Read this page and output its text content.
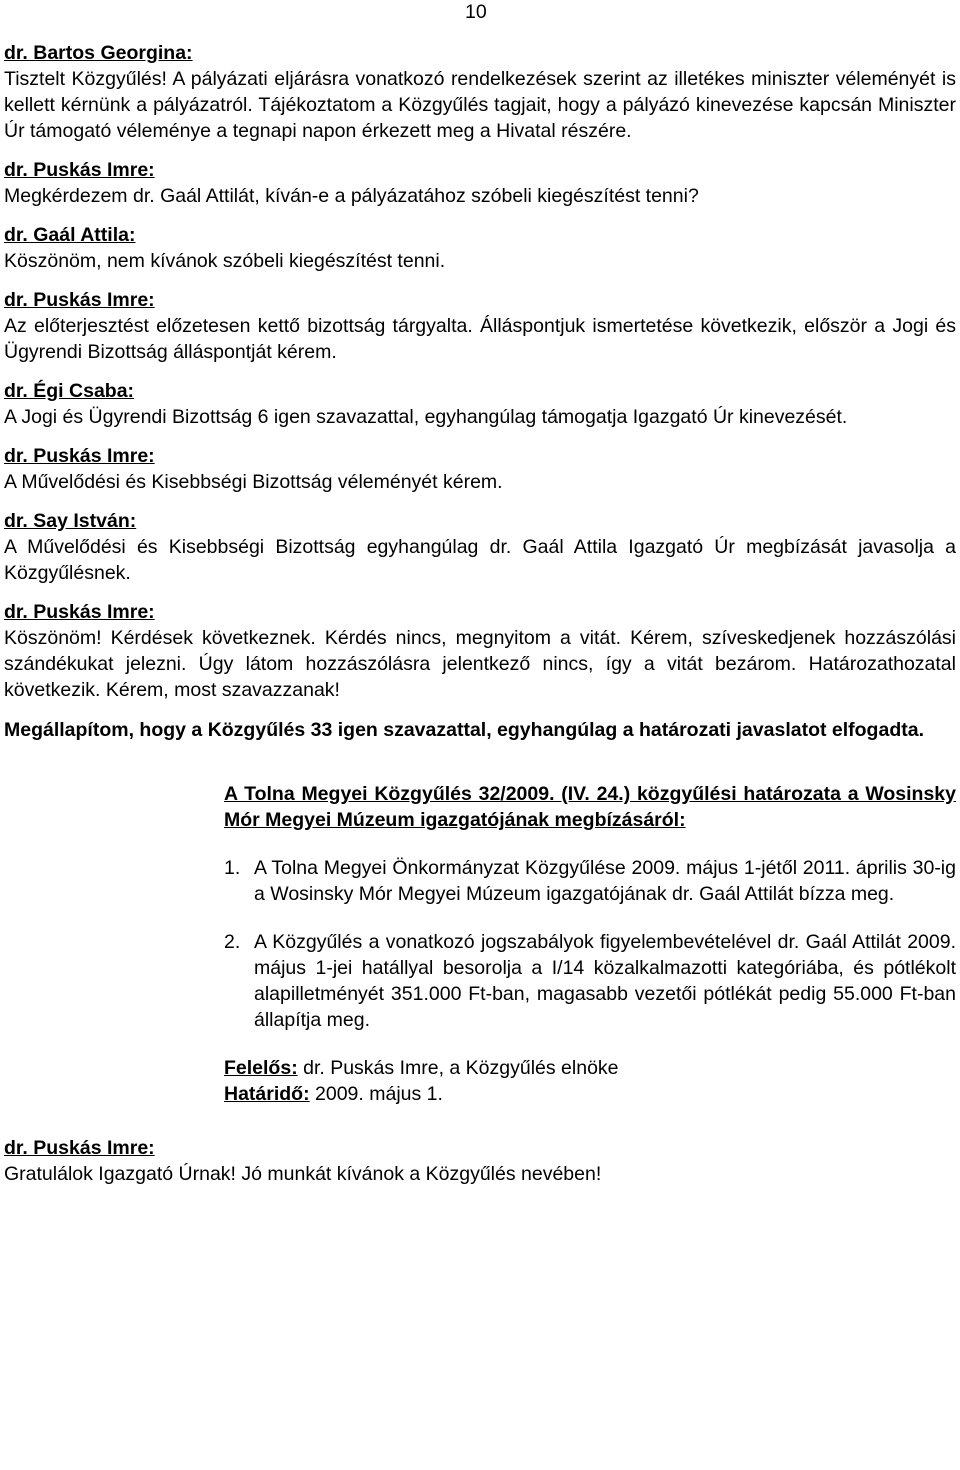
10
dr. Bartos Georgina:

Tisztelt Közgyűlés! A pályázati eljárásra vonatkozó rendelkezések szerint az illetékes miniszter véleményét is kellett kérnünk a pályázatról. Tájékoztatom a Közgyűlés tagjait, hogy a pályázó kinevezése kapcsán Miniszter Úr támogató véleménye a tegnapi napon érkezett meg a Hivatal részére.

dr. Puskás Imre:

Megkérdezem dr. Gaál Attilát, kíván-e a pályázatához szóbeli kiegészítést tenni?

dr. Gaál Attila:

Köszönöm, nem kívánok szóbeli kiegészítést tenni.

dr. Puskás Imre:

Az előterjesztést előzetesen kettő bizottság tárgyalta. Álláspontjuk ismertetése következik, először a Jogi és Ügyrendi Bizottság álláspontját kérem.

dr. Égi Csaba:

A Jogi és Ügyrendi Bizottság 6 igen szavazattal, egyhangúlag támogatja Igazgató Úr kinevezését.

dr. Puskás Imre:

A Művelődési és Kisebbségi Bizottság véleményét kérem.

dr. Say István:

A Művelődési és Kisebbségi Bizottság egyhangúlag dr. Gaál Attila Igazgató Úr megbízását javasolja a Közgyűlésnek.

dr. Puskás Imre:

Köszönöm! Kérdések következnek. Kérdés nincs, megnyitom a vitát. Kérem, szíveskedjenek hozzászólási szándékukat jelezni. Úgy látom hozzászólásra jelentkező nincs, így a vitát bezárom. Határozathozatal következik. Kérem, most szavazzanak!

Megállapítom, hogy a Közgyűlés 33 igen szavazattal, egyhangúlag a határozati javaslatot elfogadta.

A Tolna Megyei Közgyűlés 32/2009. (IV. 24.) közgyűlési határozata a Wosinsky Mór Megyei Múzeum igazgatójának megbízásáról:

1. A Tolna Megyei Önkormányzat Közgyűlése 2009. május 1-jétől 2011. április 30-ig a Wosinsky Mór Megyei Múzeum igazgatójának dr. Gaál Attilát bízza meg.
2. A Közgyűlés a vonatkozó jogszabályok figyelembevételével dr. Gaál Attilát 2009. május 1-jei hatállyal besorolja a I/14 közalkalmazotti kategóriába, és pótlékolt alapilletményét 351.000 Ft-ban, magasabb vezetői pótlékát pedig 55.000 Ft-ban állapítja meg.
Felelős: dr. Puskás Imre, a Közgyűlés elnöke
Határidő: 2009. május 1.
dr. Puskás Imre:

Gratulálok Igazgató Úrnak! Jó munkát kívánok a Közgyűlés nevében!
